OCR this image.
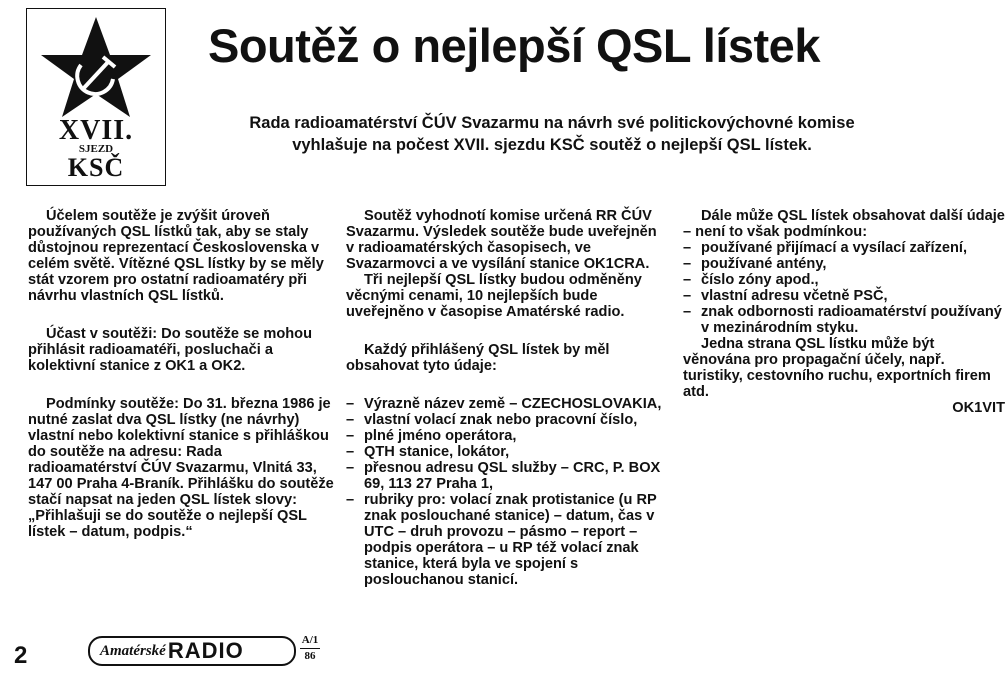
XVII.
SJEZD
KSČ
Soutěž o nejlepší QSL lístek
Rada radioamatérství ČÚV Svazarmu na návrh své politickovýchovné komise vyhlašuje na počest XVII. sjezdu KSČ soutěž o nejlepší QSL lístek.

Účelem soutěže je zvýšit úroveň používaných QSL lístků tak, aby se staly důstojnou reprezentací Československa v celém světě. Vítězné QSL lístky by se měly stát vzorem pro ostatní radioamatéry při návrhu vlastních QSL lístků.

Účast v soutěži: Do soutěže se mohou přihlásit radioamatéři, posluchači a kolektivní stanice z OK1 a OK2.

Podmínky soutěže: Do 31. března 1986 je nutné zaslat dva QSL lístky (ne návrhy) vlastní nebo kolektivní stanice s přihláškou do soutěže na adresu: Rada radioamatérství ČÚV Svazarmu, Vlnitá 33, 147 00 Praha 4-Braník. Přihlášku do soutěže stačí napsat na jeden QSL lístek slovy: „Přihlašuji se do soutěže o nejlepší QSL lístek – datum, podpis.“

Soutěž vyhodnotí komise určená RR ČÚV Svazarmu. Výsledek soutěže bude uveřejněn v radioamatérských časopisech, ve Svazarmovci a ve vysílání stanice OK1CRA.

Tři nejlepší QSL lístky budou odměněny věcnými cenami, 10 nejlepších bude uveřejněno v časopise Amatérské radio.

Každý přihlášený QSL lístek by měl obsahovat tyto údaje:

– Výrazně název země – CZECHOSLOVAKIA,
– vlastní volací znak nebo pracovní číslo,
– plné jméno operátora,
– QTH stanice, lokátor,
– přesnou adresu QSL služby – CRC, P. BOX 69, 113 27 Praha 1,
– rubriky pro: volací znak protistanice (u RP znak poslouchané stanice) – datum, čas v UTC – druh provozu – pásmo – report – podpis operátora – u RP též volací znak stanice, která byla ve spojení s poslouchanou stanicí.

Dále může QSL lístek obsahovat další údaje – není to však podmínkou:

– používané přijímací a vysílací zařízení,
– používané antény,
– číslo zóny apod.,
– vlastní adresu včetně PSČ,
– znak odbornosti radioamatérství používaný v mezinárodním styku.

Jedna strana QSL lístku může být věnována pro propagační účely, např. turistiky, cestovního ruchu, exportních firem atd.

OK1VIT

2	Amatérské RADIO	A/1
86
